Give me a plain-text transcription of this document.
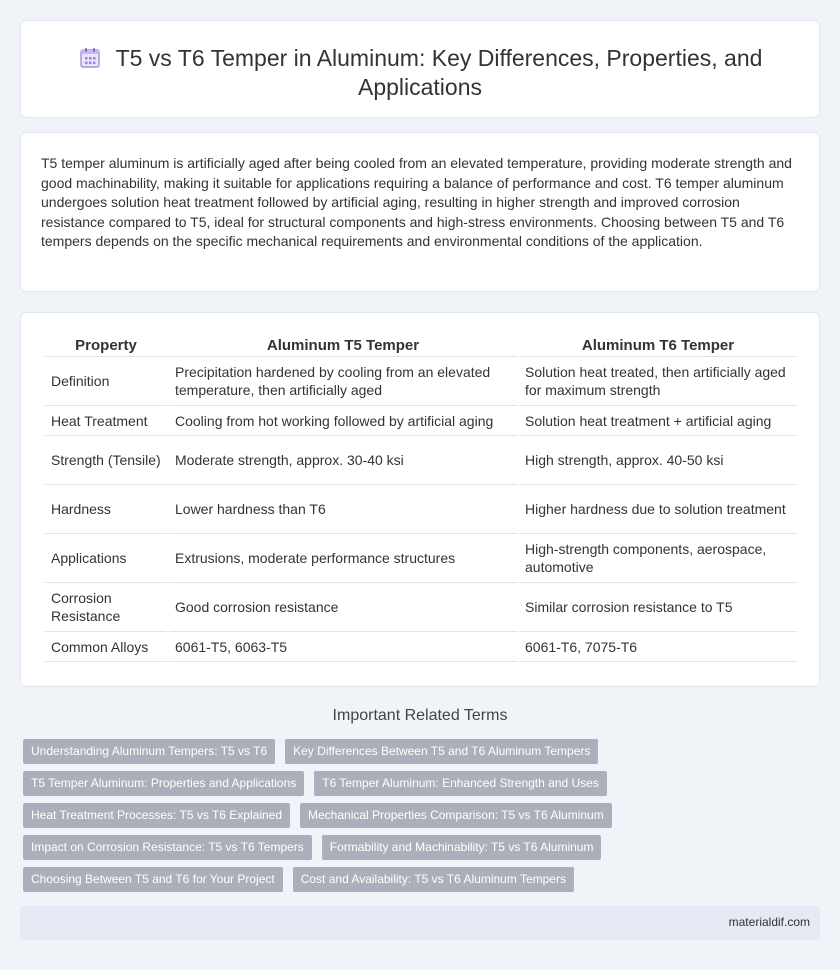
T5 vs T6 Temper in Aluminum: Key Differences, Properties, and Applications

T5 temper aluminum is artificially aged after being cooled from an elevated temperature, providing moderate strength and good machinability, making it suitable for applications requiring a balance of performance and cost. T6 temper aluminum undergoes solution heat treatment followed by artificial aging, resulting in higher strength and improved corrosion resistance compared to T5, ideal for structural components and high-stress environments. Choosing between T5 and T6 tempers depends on the specific mechanical requirements and environmental conditions of the application.

Property	Aluminum T5 Temper	Aluminum T6 Temper
Definition	Precipitation hardened by cooling from an elevated temperature, then artificially aged	Solution heat treated, then artificially aged for maximum strength
Heat Treatment	Cooling from hot working followed by artificial aging	Solution heat treatment + artificial aging
Strength (Tensile)	Moderate strength, approx. 30-40 ksi	High strength, approx. 40-50 ksi
Hardness	Lower hardness than T6	Higher hardness due to solution treatment
Applications	Extrusions, moderate performance structures	High-strength components, aerospace, automotive
Corrosion Resistance	Good corrosion resistance	Similar corrosion resistance to T5
Common Alloys	6061-T5, 6063-T5	6061-T6, 7075-T6
Important Related Terms
Understanding Aluminum Tempers: T5 vs T6	Key Differences Between T5 and T6 Aluminum Tempers
T5 Temper Aluminum: Properties and Applications	T6 Temper Aluminum: Enhanced Strength and Uses
Heat Treatment Processes: T5 vs T6 Explained	Mechanical Properties Comparison: T5 vs T6 Aluminum
Impact on Corrosion Resistance: T5 vs T6 Tempers	Formability and Machinability: T5 vs T6 Aluminum
Choosing Between T5 and T6 for Your Project	Cost and Availability: T5 vs T6 Aluminum Tempers
materialdif.com
